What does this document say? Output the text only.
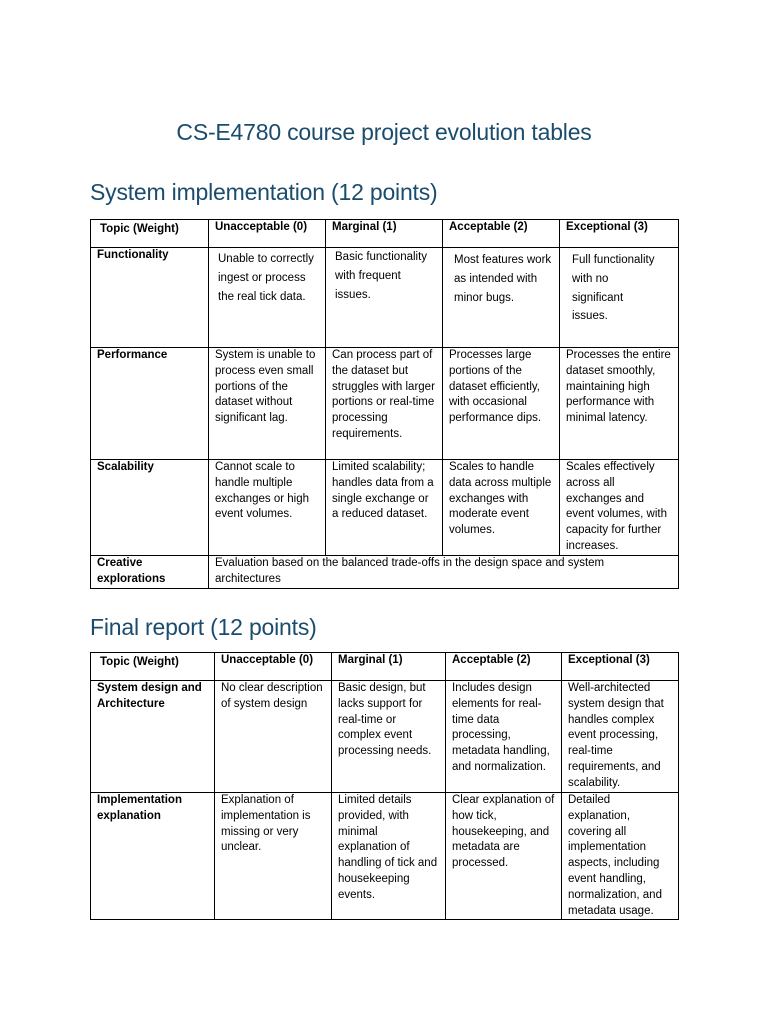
CS-E4780 course project evolution tables
System implementation (12 points)
Topic (Weight)	Unacceptable (0)	Marginal (1)	Acceptable (2)	Exceptional (3)
Functionality	Unable to correctly ingest or process the real tick data.	Basic functionality with frequent issues.	Most features work as intended with minor bugs.	Full functionality with no significant issues.
Performance	System is unable to process even small portions of the dataset without significant lag.	Can process part of the dataset but struggles with larger portions or real-time processing requirements.	Processes large portions of the dataset efficiently, with occasional performance dips.	Processes the entire dataset smoothly, maintaining high performance with minimal latency.
Scalability	Cannot scale to handle multiple exchanges or high event volumes.	Limited scalability; handles data from a single exchange or a reduced dataset.	Scales to handle data across multiple exchanges with moderate event volumes.	Scales effectively across all exchanges and event volumes, with capacity for further increases.
Creative explorations	Evaluation based on the balanced trade-offs in the design space and system architectures			
Final report (12 points)
Topic (Weight)	Unacceptable (0)	Marginal (1)	Acceptable (2)	Exceptional (3)
System design and Architecture	No clear description of system design	Basic design, but lacks support for real-time or complex event processing needs.	Includes design elements for real-time data processing, metadata handling, and normalization.	Well-architected system design that handles complex event processing, real-time requirements, and scalability.
Implementation explanation	Explanation of implementation is missing or very unclear.	Limited details provided, with minimal explanation of handling of tick and housekeeping events.	Clear explanation of how tick, housekeeping, and metadata are processed.	Detailed explanation, covering all implementation aspects, including event handling, normalization, and metadata usage.
